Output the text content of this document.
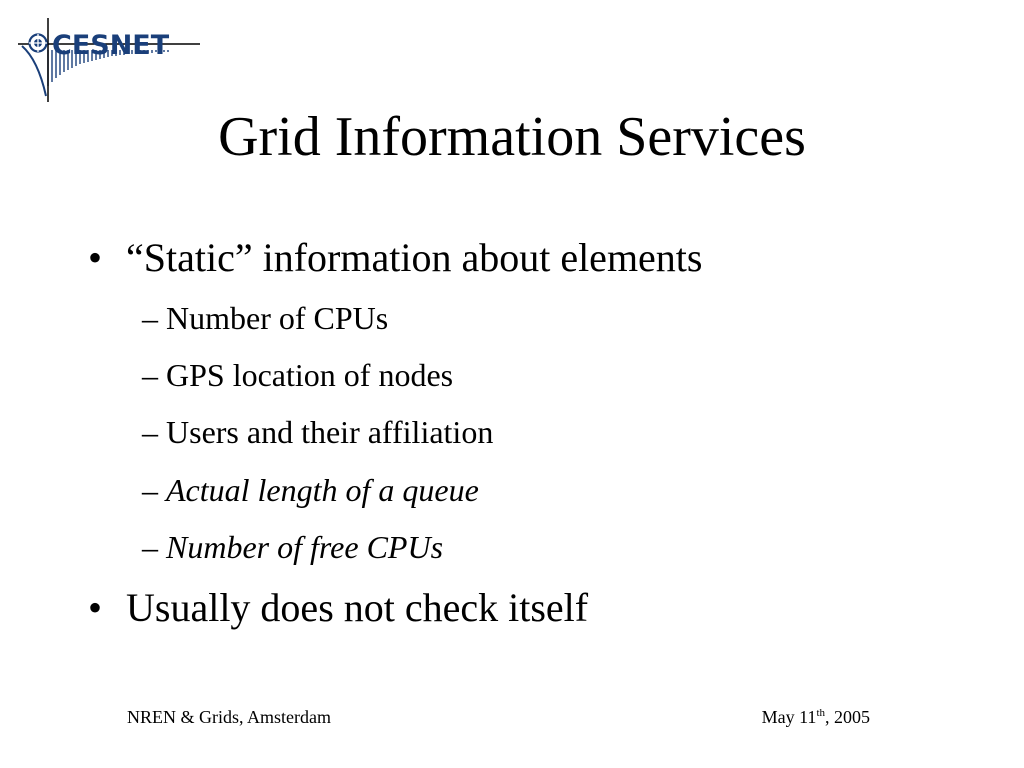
CESNET
Grid Information Services
• “Static” information about elements
– Number of CPUs
– GPS location of nodes
– Users and their affiliation
– Actual length of a queue
– Number of free CPUs
• Usually does not check itself
NREN & Grids, Amsterdam	May 11th, 2005
